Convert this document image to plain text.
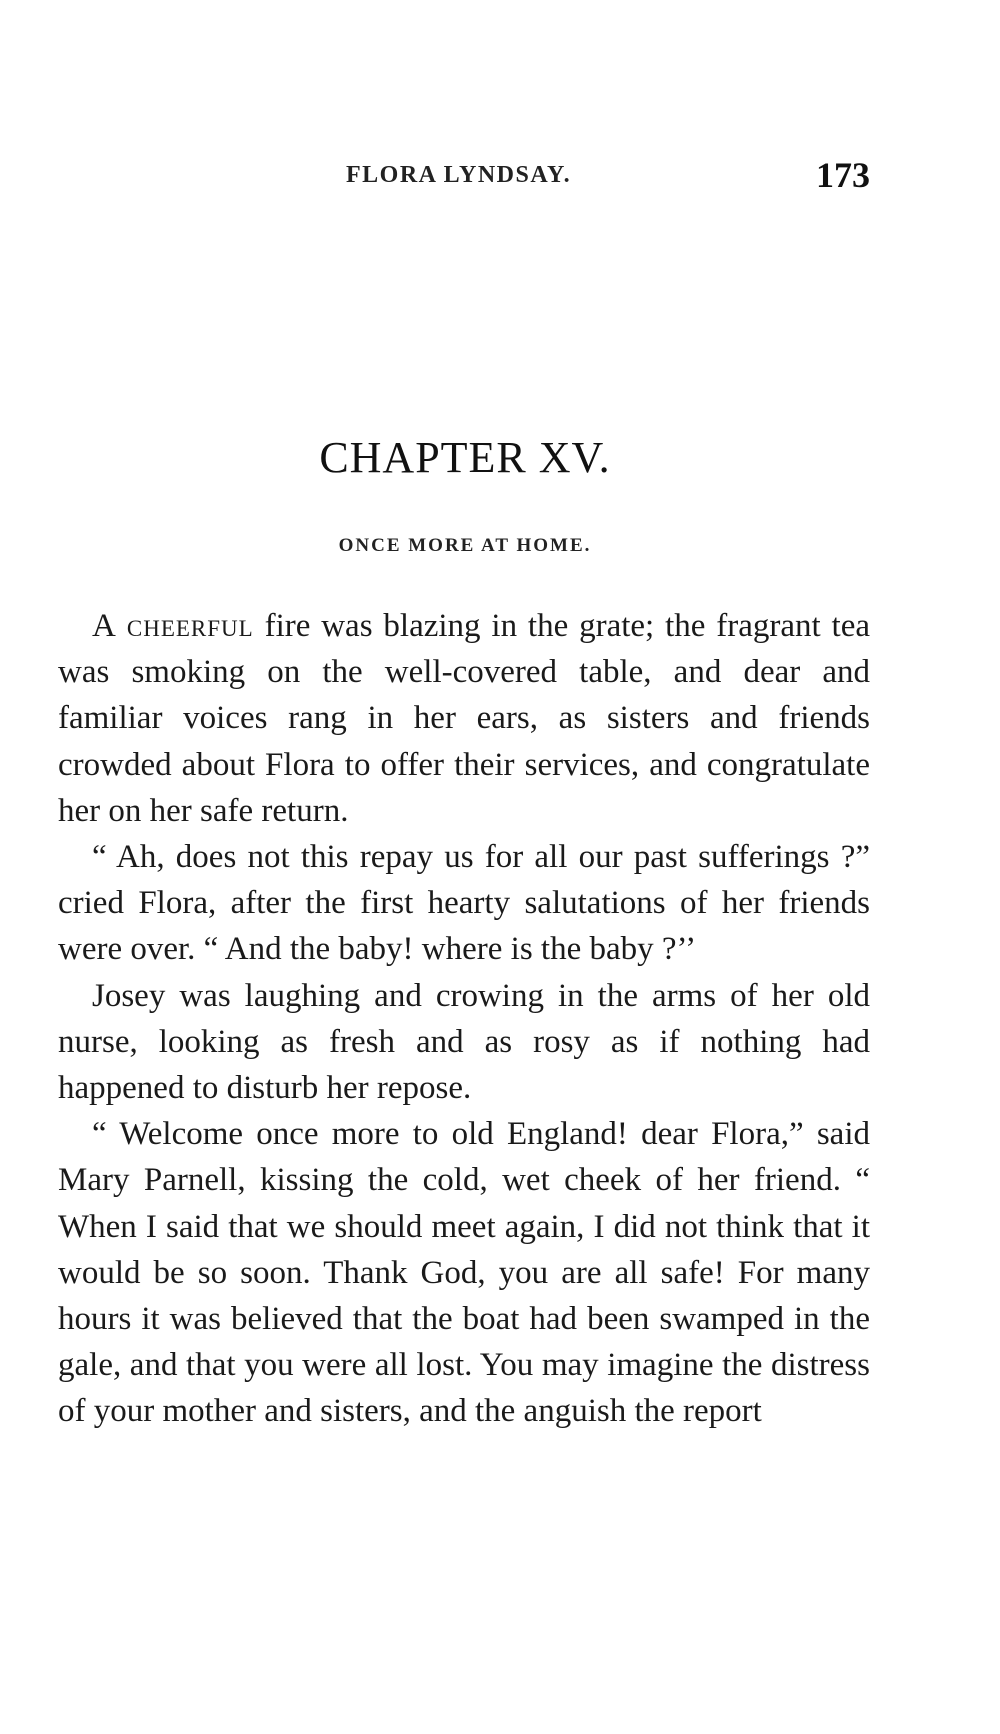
FLORA LYNDSAY.	173
CHAPTER XV.
ONCE MORE AT HOME.

A cheerful fire was blazing in the grate; the fragrant tea was smoking on the well-covered table, and dear and familiar voices rang in her ears, as sisters and friends crowded about Flora to offer their services, and congratulate her on her safe return.

“ Ah, does not this repay us for all our past sufferings ?” cried Flora, after the first hearty salutations of her friends were over. “ And the baby! where is the baby ?’’

Josey was laughing and crowing in the arms of her old nurse, looking as fresh and as rosy as if nothing had happened to disturb her repose.

“ Welcome once more to old England! dear Flora,” said Mary Parnell, kissing the cold, wet cheek of her friend. “ When I said that we should meet again, I did not think that it would be so soon. Thank God, you are all safe! For many hours it was believed that the boat had been swamped in the gale, and that you were all lost. You may imagine the distress of your mother and sisters, and the anguish the report
